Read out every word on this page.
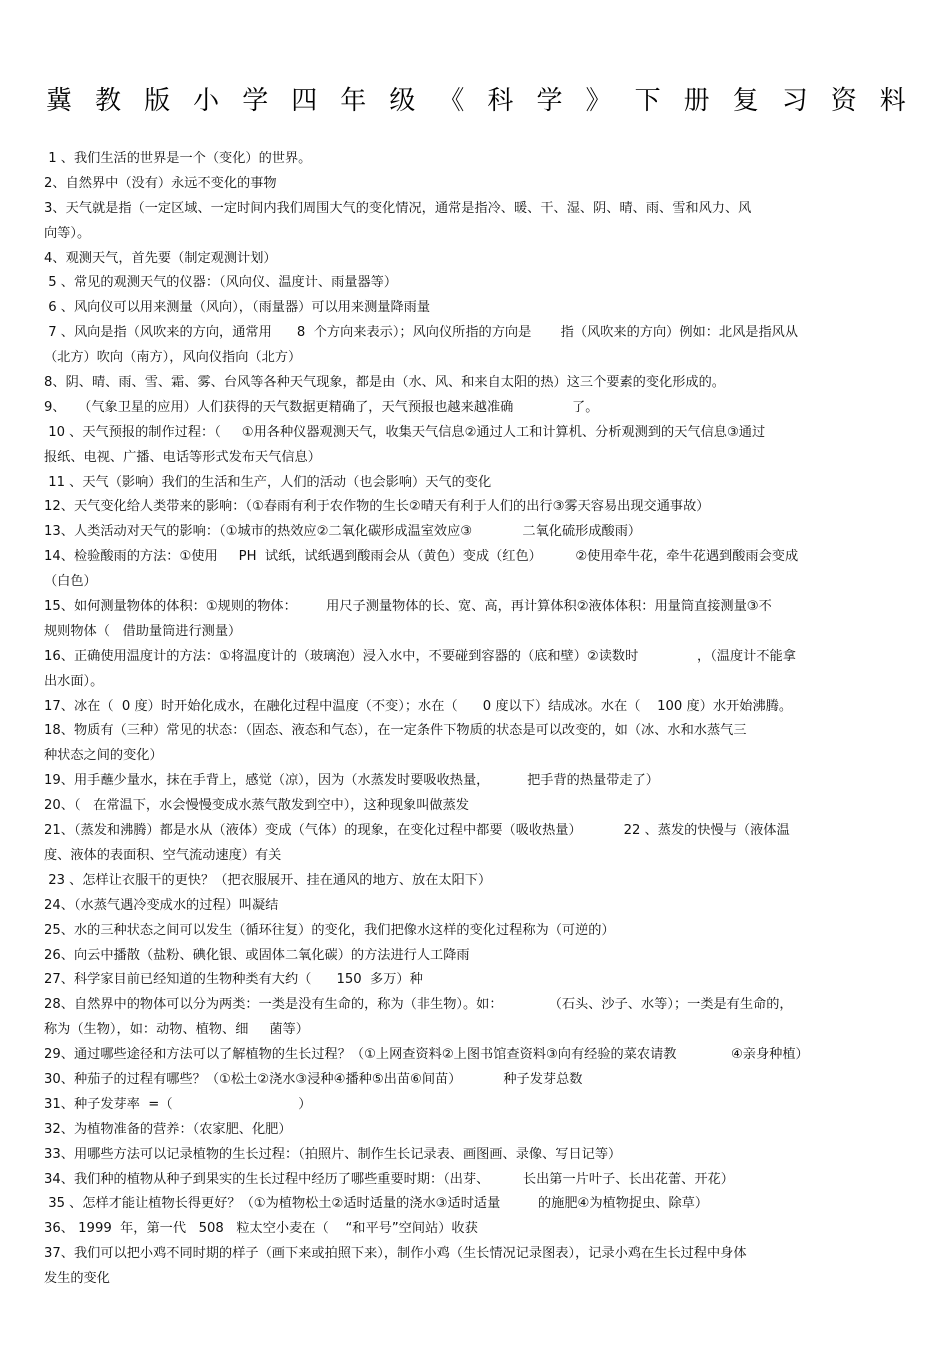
冀 教 版 小 学 四 年 级 《 科 学 》 下 册 复 习 资 料
1 、我们生活的世界是一个（变化）的世界。
2、自然界中（没有）永远不变化的事物
3、天气就是指（一定区域、一定时间内我们周围大气的变化情况，通常是指冷、暖、干、湿、阴、晴、雨、雪和风力、风
向等）。
4、观测天气，首先要（制定观测计划）
5 、常见的观测天气的仪器：（风向仪、温度计、雨量器等）
6 、风向仪可以用来测量（风向），（雨量器）可以用来测量降雨量
7 、风向是指（风吹来的方向，通常用      8  个方向来表示）；风向仪所指的方向是       指（风吹来的方向）例如：北风是指风从
（北方）吹向（南方），风向仪指向（北方）
8、阴、晴、雨、雪、霜、雾、台风等各种天气现象，都是由（水、风、和来自太阳的热）这三个要素的变化形成的。
9、   （气象卫星的应用）人们获得的天气数据更精确了，天气预报也越来越准确              了。
10 、天气预报的制作过程：（     ①用各种仪器观测天气，收集天气信息②通过人工和计算机、分析观测到的天气信息③通过
报纸、电视、广播、电话等形式发布天气信息）
11 、天气（影响）我们的生活和生产，人们的活动（也会影响）天气的变化
12、天气变化给人类带来的影响：（①春雨有利于农作物的生长②晴天有利于人们的出行③雾天容易出现交通事故）
13、人类活动对天气的影响：（①城市的热效应②二氧化碳形成温室效应③            二氧化硫形成酸雨）
14、检验酸雨的方法：①使用     PH  试纸，试纸遇到酸雨会从（黄色）变成（红色）        ②使用牵牛花，牵牛花遇到酸雨会变成
（白色）
15、如何测量物体的体积：①规则的物体：       用尺子测量物体的长、宽、高，再计算体积②液体体积：用量筒直接测量③不
规则物体（   借助量筒进行测量）
16、正确使用温度计的方法：①将温度计的（玻璃泡）浸入水中，不要碰到容器的（底和壁）②读数时              ，（温度计不能拿
出水面）。
17、冰在（  0 度）时开始化成水，在融化过程中温度（不变）；水在（      0 度以下）结成冰。水在（    100 度）水开始沸腾。
18、物质有（三种）常见的状态：（固态、液态和气态），在一定条件下物质的状态是可以改变的，如（冰、水和水蒸气三
种状态之间的变化）
19、用手蘸少量水，抹在手背上，感觉（凉），因为（水蒸发时要吸收热量，         把手背的热量带走了）
20、（   在常温下，水会慢慢变成水蒸气散发到空中），这种现象叫做蒸发
21、（蒸发和沸腾）都是水从（液体）变成（气体）的现象，在变化过程中都要（吸收热量）          22 、蒸发的快慢与（液体温
度、液体的表面积、空气流动速度）有关
23 、怎样让衣服干的更快？（把衣服展开、挂在通风的地方、放在太阳下）
24、（水蒸气遇冷变成水的过程）叫凝结
25、水的三种状态之间可以发生（循环往复）的变化，我们把像水这样的变化过程称为（可逆的）
26、向云中播散（盐粉、碘化银、或固体二氧化碳）的方法进行人工降雨
27、科学家目前已经知道的生物种类有大约（      150  多万）种
28、自然界中的物体可以分为两类：一类是没有生命的，称为（非生物）。如：           （石头、沙子、水等）；一类是有生命的，
称为（生物），如：动物、植物、细     菌等）
29、通过哪些途径和方法可以了解植物的生长过程？（①上网查资料②上图书馆查资料③向有经验的菜农请教             ④亲身种植）
30、种茄子的过程有哪些？（①松土②浇水③浸种④播种⑤出苗⑥间苗）          种子发芽总数
31、种子发芽率  =（                              ）
32、为植物准备的营养：（农家肥、化肥）
33、用哪些方法可以记录植物的生长过程：（拍照片、制作生长记录表、画图画、录像、写日记等）
34、我们种的植物从种子到果实的生长过程中经历了哪些重要时期：（出芽、        长出第一片叶子、长出花蕾、开花）
35 、怎样才能让植物长得更好？（①为植物松土②适时适量的浇水③适时适量         的施肥④为植物捉虫、除草）
36、 1999  年，第一代   508   粒太空小麦在（    “和平号”空间站）收获
37、我们可以把小鸡不同时期的样子（画下来或拍照下来），制作小鸡（生长情况记录图表），记录小鸡在生长过程中身体
发生的变化
